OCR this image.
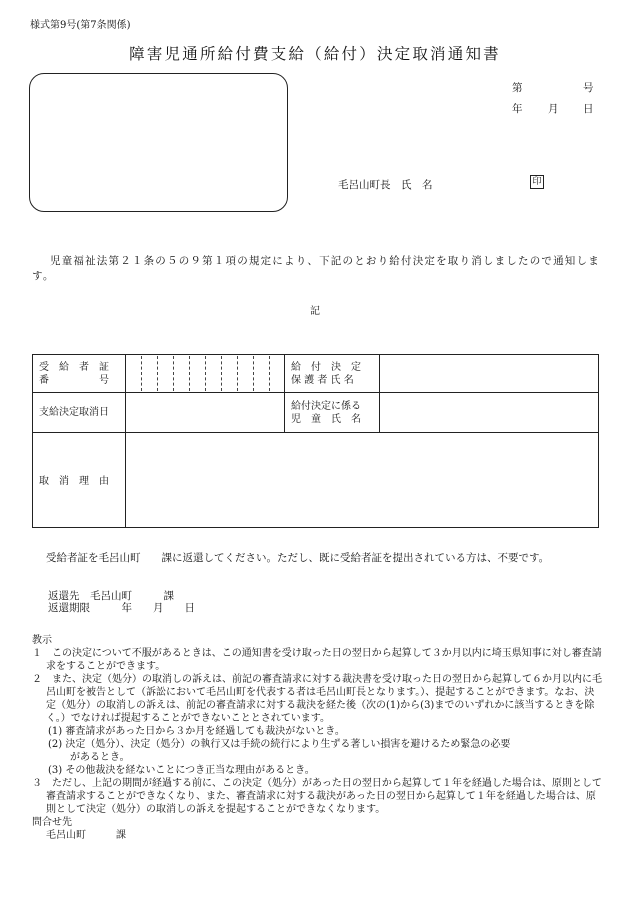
様式第9号(第7条関係)
障害児通所給付費支給（給付）決定取消通知書
第	号
年 月 日
毛呂山町長　氏　名	印
児童福祉法第２１条の５の９第１項の規定により、下記のとおり給付決定を取り消しましたので通知します。
記
受　給　者　証
番　　　　　号
給　付　決　定
保 護 者 氏 名
支給決定取消日
給付決定に係る
児　童　氏　名
取　消　理　由
受給者証を毛呂山町　　課に返還してください。ただし、既に受給者証を提出されている方は、不要です。
返還先　毛呂山町　　　課
返還期限　　　年　　月　　日
教示
１　この決定について不服があるときは、この通知書を受け取った日の翌日から起算して３か月以内に埼玉県知事に対し審査請求をすることができます。
２　また、決定（処分）の取消しの訴えは、前記の審査請求に対する裁決書を受け取った日の翌日から起算して６か月以内に毛呂山町を被告として（訴訟において毛呂山町を代表する者は毛呂山町長となります。）、提起することができます。なお、決定（処分）の取消しの訴えは、前記の審査請求に対する裁決を経た後（次の(1)から(3)までのいずれかに該当するときを除く。）でなければ提起することができないこととされています。
(1) 審査請求があった日から３か月を経過しても裁決がないとき。
(2) 決定（処分）、決定（処分）の執行又は手続の続行により生ずる著しい損害を避けるため緊急の必要
があるとき。
(3) その他裁決を経ないことにつき正当な理由があるとき。
３　ただし、上記の期間が経過する前に、この決定（処分）があった日の翌日から起算して１年を経過した場合は、原則として審査請求することができなくなり、また、審査請求に対する裁決があった日の翌日から起算して１年を経過した場合は、原則として決定（処分）の取消しの訴えを提起することができなくなります。
問合せ先
毛呂山町　　　課
